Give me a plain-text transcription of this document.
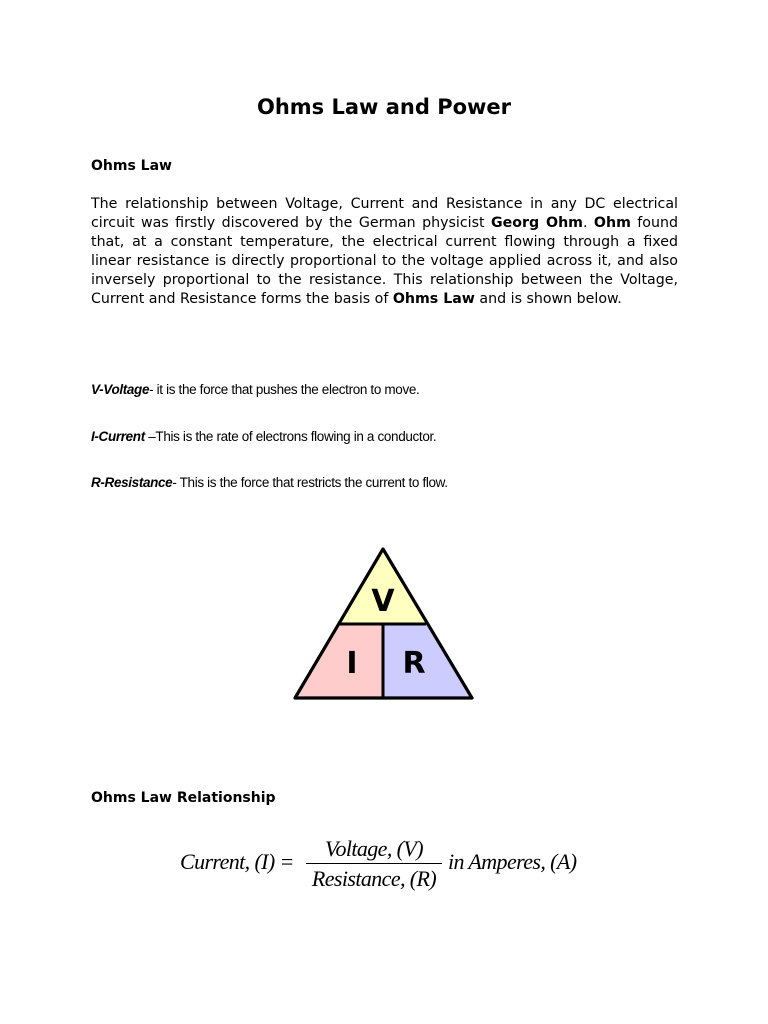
Ohms Law and Power
Ohms Law
The relationship between Voltage, Current and Resistance in any DC electrical circuit was firstly discovered by the German physicist Georg Ohm. Ohm found that, at a constant temperature, the electrical current flowing through a fixed linear resistance is directly proportional to the voltage applied across it, and also inversely proportional to the resistance. This relationship between the Voltage, Current and Resistance forms the basis of Ohms Law and is shown below.
V-Voltage- it is the force that pushes the electron to move.
I-Current –This is the rate of electrons flowing in a conductor.
R-Resistance- This is the force that restricts the current to flow.
V
I R
Ohms Law Relationship
Current, (I) =
Voltage, (V)
Resistance, (R)
in Amperes, (A)
